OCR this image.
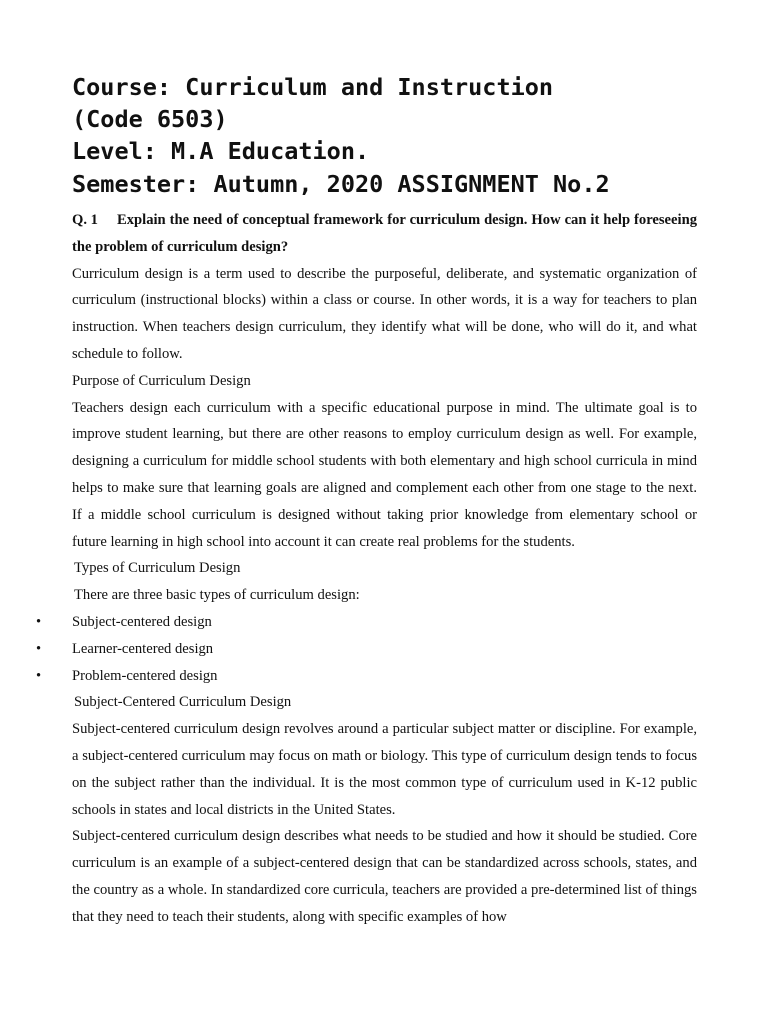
Course: Curriculum and Instruction
(Code 6503)
Level: M.A Education.
Semester: Autumn, 2020 ASSIGNMENT No.2

Q. 1 Explain the need of conceptual framework for curriculum design. How can it help foreseeing the problem of curriculum design?

Curriculum design is a term used to describe the purposeful, deliberate, and systematic organization of curriculum (instructional blocks) within a class or course. In other words, it is a way for teachers to plan instruction. When teachers design curriculum, they identify what will be done, who will do it, and what schedule to follow.

Purpose of Curriculum Design

Teachers design each curriculum with a specific educational purpose in mind. The ultimate goal is to improve student learning, but there are other reasons to employ curriculum design as well. For example, designing a curriculum for middle school students with both elementary and high school curricula in mind helps to make sure that learning goals are aligned and complement each other from one stage to the next. If a middle school curriculum is designed without taking prior knowledge from elementary school or future learning in high school into account it can create real problems for the students.

Types of Curriculum Design

There are three basic types of curriculum design:

• Subject-centered design
• Learner-centered design
• Problem-centered design

Subject-Centered Curriculum Design

Subject-centered curriculum design revolves around a particular subject matter or discipline. For example, a subject-centered curriculum may focus on math or biology. This type of curriculum design tends to focus on the subject rather than the individual. It is the most common type of curriculum used in K-12 public schools in states and local districts in the United States.

Subject-centered curriculum design describes what needs to be studied and how it should be studied. Core curriculum is an example of a subject-centered design that can be standardized across schools, states, and the country as a whole. In standardized core curricula, teachers are provided a pre-determined list of things that they need to teach their students, along with specific examples of how
